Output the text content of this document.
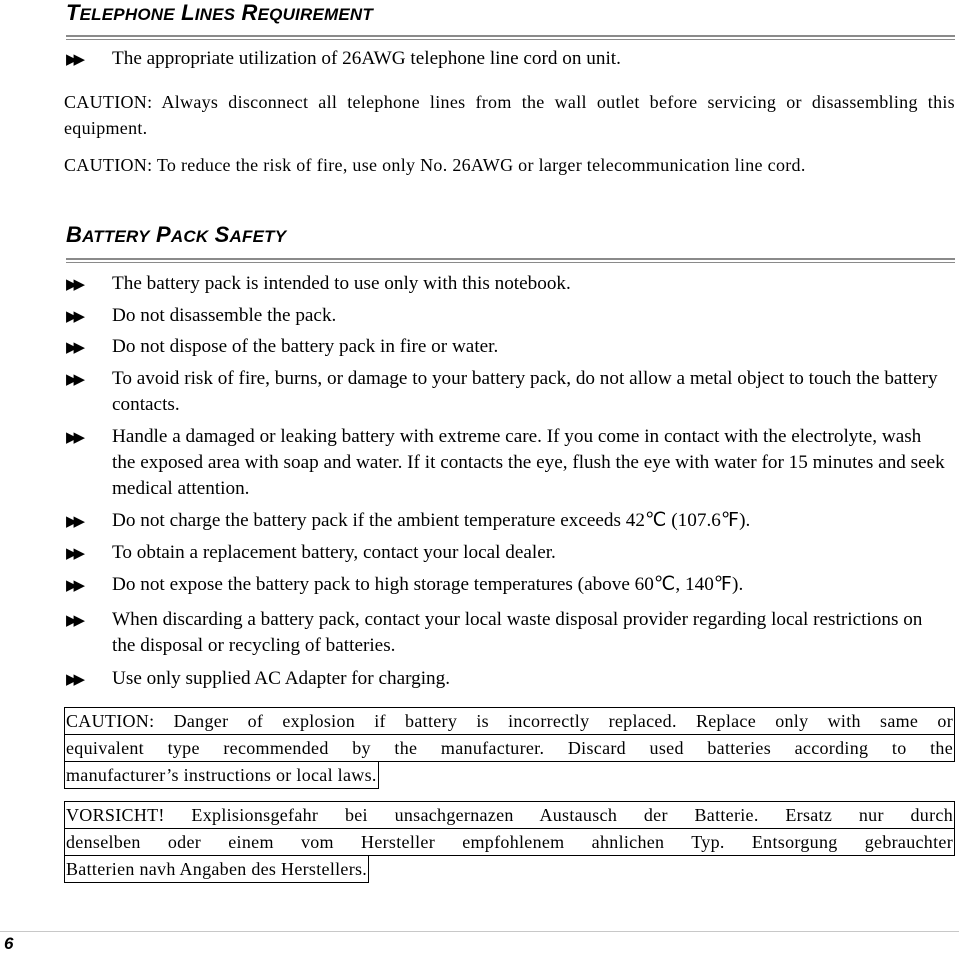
TELEPHONE LINES REQUIREMENT
▶▶	The appropriate utilization of 26AWG telephone line cord on unit.
CAUTION: Always disconnect all telephone lines from the wall outlet before servicing or disassembling this equipment.
CAUTION: To reduce the risk of fire, use only No. 26AWG or larger telecommunication line cord.
BATTERY PACK SAFETY
▶▶	The battery pack is intended to use only with this notebook.
▶▶	Do not disassemble the pack.
▶▶	Do not dispose of the battery pack in fire or water.
▶▶	To avoid risk of fire, burns, or damage to your battery pack, do not allow a metal object to touch the battery contacts.
▶▶	Handle a damaged or leaking battery with extreme care. If you come in contact with the electrolyte, wash the exposed area with soap and water. If it contacts the eye, flush the eye with water for 15 minutes and seek medical attention.
▶▶	Do not charge the battery pack if the ambient temperature exceeds 42℃ (107.6℉).
▶▶	To obtain a replacement battery, contact your local dealer.
▶▶	Do not expose the battery pack to high storage temperatures (above 60℃, 140℉).
▶▶	When discarding a battery pack, contact your local waste disposal provider regarding local restrictions on the disposal or recycling of batteries.
▶▶	Use only supplied AC Adapter for charging.
CAUTION: Danger of explosion if battery is incorrectly replaced. Replace only with same or
equivalent type recommended by the manufacturer. Discard used batteries according to the
manufacturer’s instructions or local laws.
VORSICHT! Explisionsgefahr bei unsachgernazen Austausch der Batterie. Ersatz nur durch
denselben oder einem vom Hersteller empfohlenem ahnlichen Typ. Entsorgung gebrauchter
Batterien navh Angaben des Herstellers.
6
